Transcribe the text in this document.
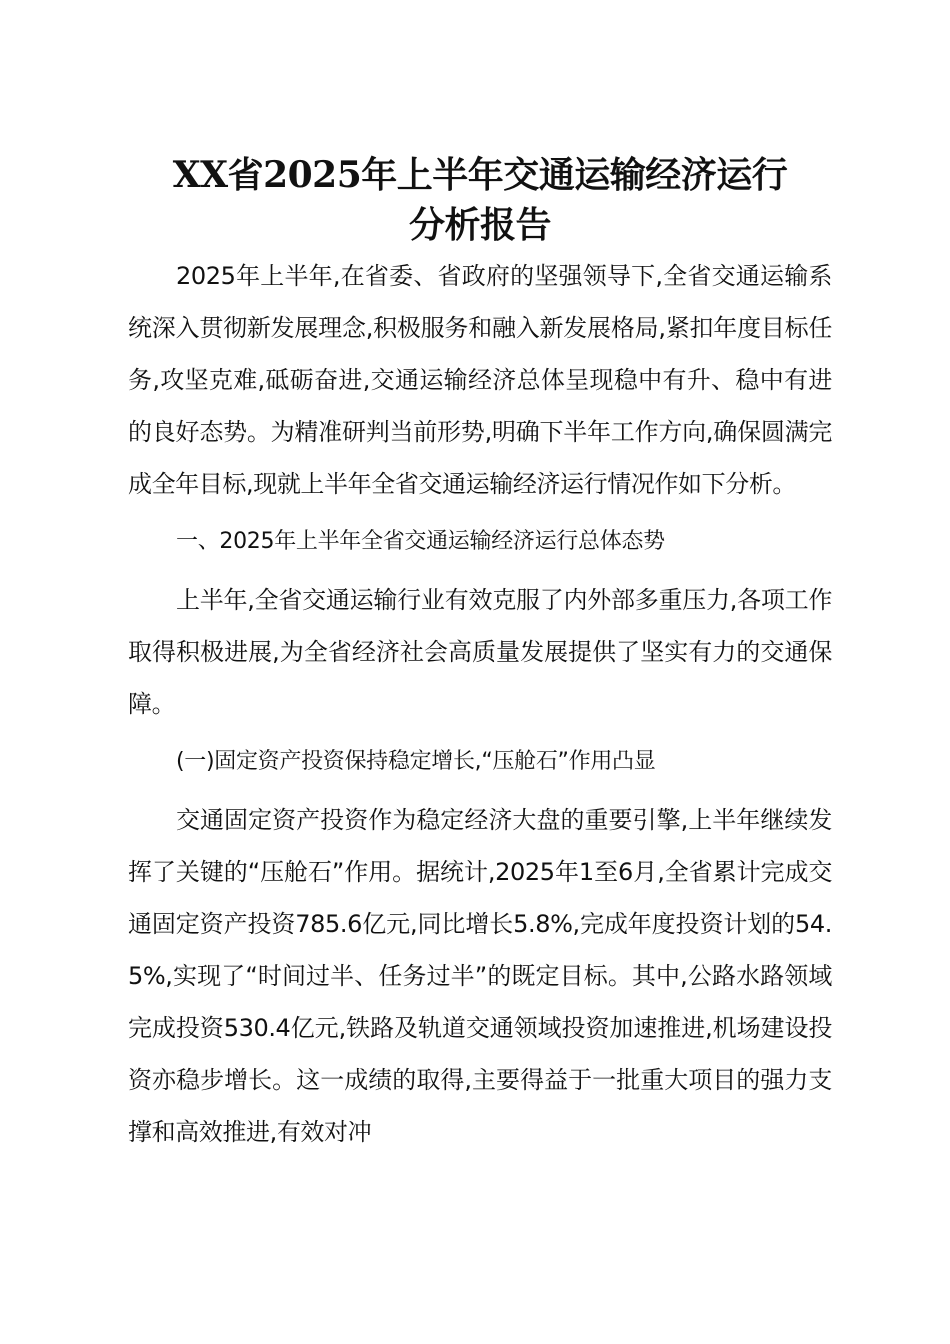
XX省2025年上半年交通运输经济运行
分析报告

2025年上半年,在省委、省政府的坚强领导下,全省交通运输系统深入贯彻新发展理念,积极服务和融入新发展格局,紧扣年度目标任务,攻坚克难,砥砺奋进,交通运输经济总体呈现稳中有升、稳中有进的良好态势。为精准研判当前形势,明确下半年工作方向,确保圆满完成全年目标,现就上半年全省交通运输经济运行情况作如下分析。

一、2025年上半年全省交通运输经济运行总体态势

上半年,全省交通运输行业有效克服了内外部多重压力,各项工作取得积极进展,为全省经济社会高质量发展提供了坚实有力的交通保障。

(一)固定资产投资保持稳定增长,“压舱石”作用凸显

交通固定资产投资作为稳定经济大盘的重要引擎,上半年继续发挥了关键的“压舱石”作用。据统计,2025年1至6月,全省累计完成交通固定资产投资785.6亿元,同比增长5.8%,完成年度投资计划的54.5%,实现了“时间过半、任务过半”的既定目标。其中,公路水路领域完成投资530.4亿元,铁路及轨道交通领域投资加速推进,机场建设投资亦稳步增长。这一成绩的取得,主要得益于一批重大项目的强力支撑和高效推进,有效对冲
